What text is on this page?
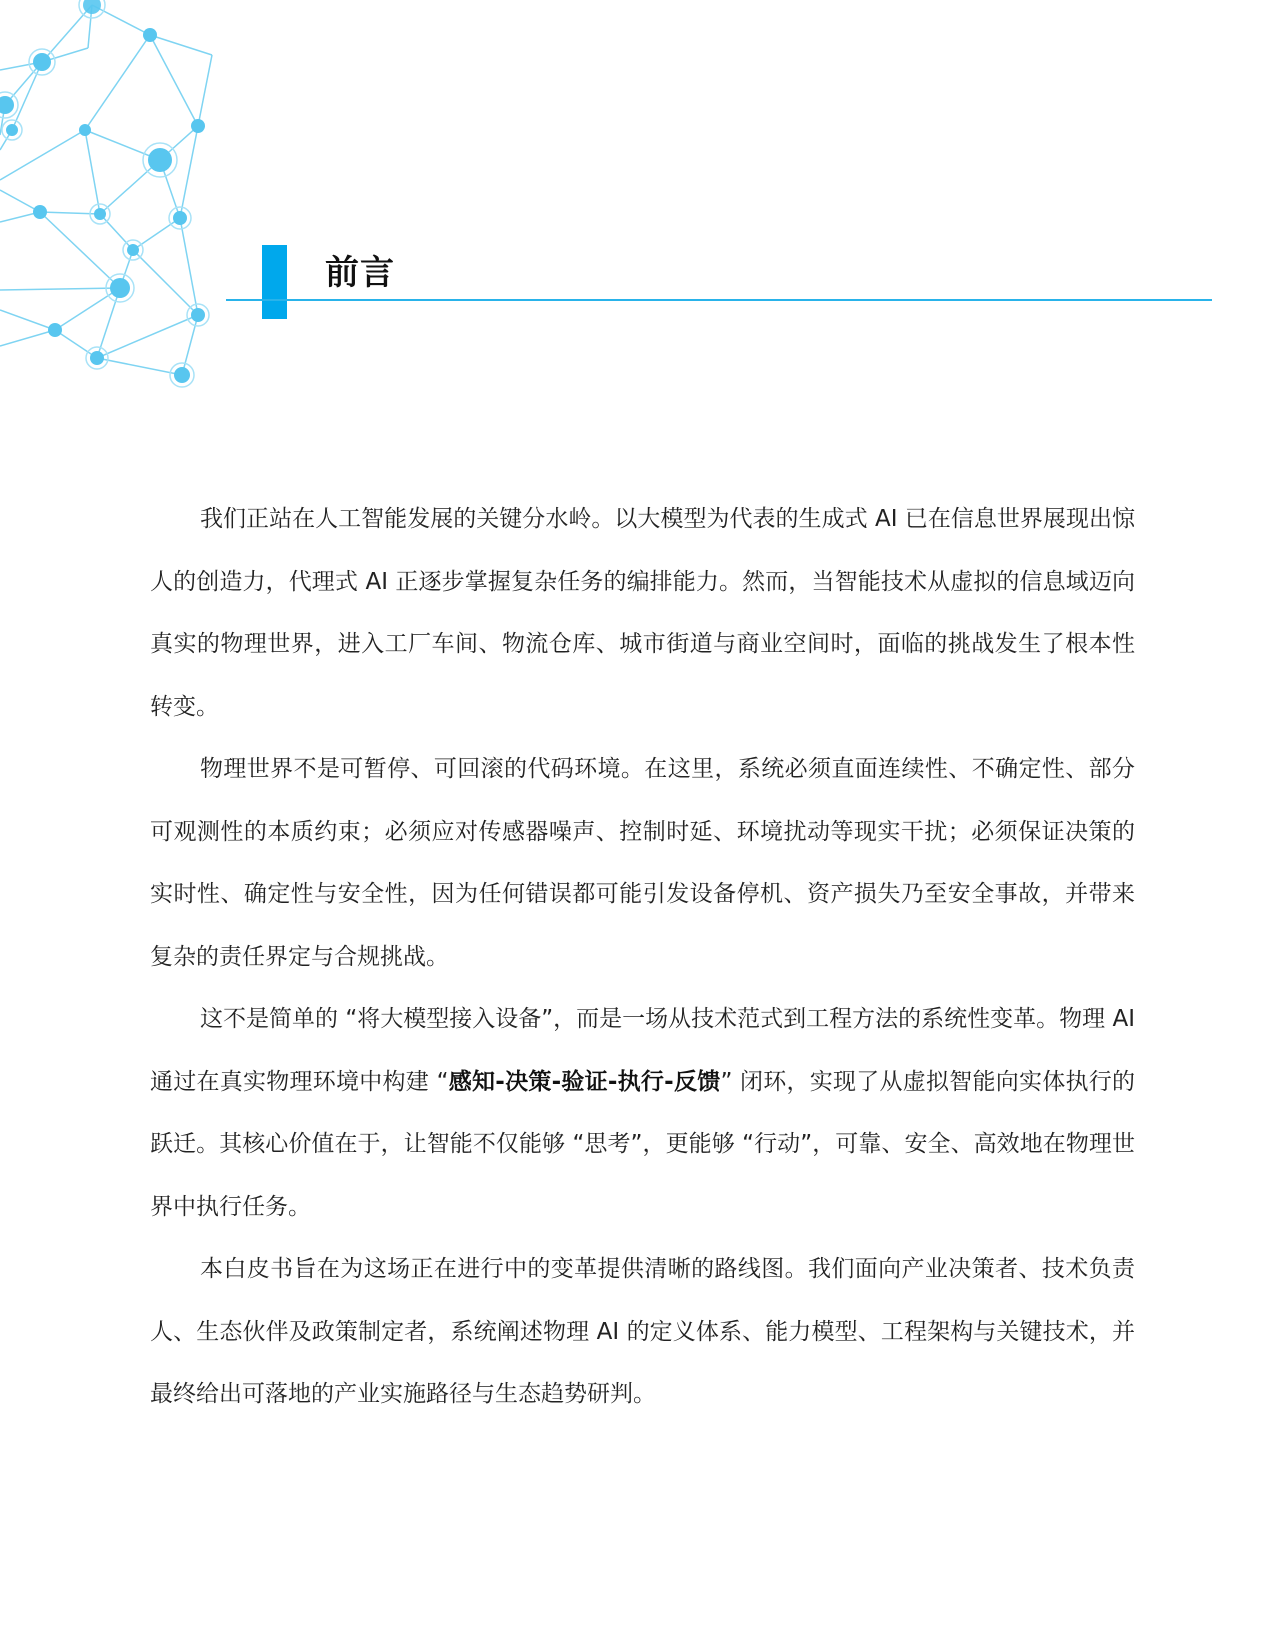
前言

我们正站在人工智能发展的关键分水岭。以大模型为代表的生成式 AI 已在信息世界展现出惊人的创造力，代理式 AI 正逐步掌握复杂任务的编排能力。然而，当智能技术从虚拟的信息域迈向真实的物理世界，进入工厂车间、物流仓库、城市街道与商业空间时，面临的挑战发生了根本性转变。

物理世界不是可暂停、可回滚的代码环境。在这里，系统必须直面连续性、不确定性、部分可观测性的本质约束；必须应对传感器噪声、控制时延、环境扰动等现实干扰；必须保证决策的实时性、确定性与安全性，因为任何错误都可能引发设备停机、资产损失乃至安全事故，并带来复杂的责任界定与合规挑战。

这不是简单的 “将大模型接入设备”，而是一场从技术范式到工程方法的系统性变革。物理 AI 通过在真实物理环境中构建 “感知-决策-验证-执行-反馈” 闭环，实现了从虚拟智能向实体执行的跃迁。其核心价值在于，让智能不仅能够 “思考”，更能够 “行动”，可靠、安全、高效地在物理世界中执行任务。

本白皮书旨在为这场正在进行中的变革提供清晰的路线图。我们面向产业决策者、技术负责人、生态伙伴及政策制定者，系统阐述物理 AI 的定义体系、能力模型、工程架构与关键技术，并最终给出可落地的产业实施路径与生态趋势研判。
